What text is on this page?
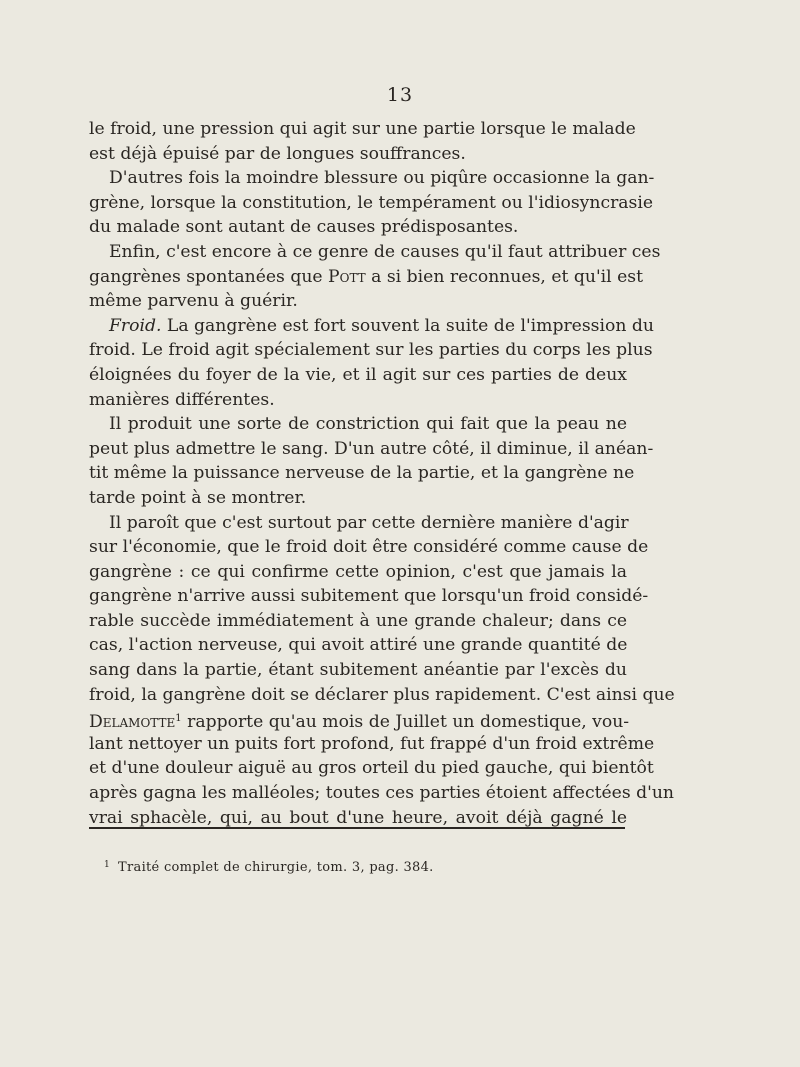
13
le froid, une pression qui agit sur une partie lorsque le malade
est déjà épuisé par de longues souffrances.
D'autres fois la moindre blessure ou piqûre occasionne la gan-
grène, lorsque la constitution, le tempérament ou l'idiosyncrasie
du malade sont autant de causes prédisposantes.
Enfin, c'est encore à ce genre de causes qu'il faut attribuer ces
gangrènes spontanées que Pott a si bien reconnues, et qu'il est
même parvenu à guérir.
Froid. La gangrène est fort souvent la suite de l'impression du
froid. Le froid agit spécialement sur les parties du corps les plus
éloignées du foyer de la vie, et il agit sur ces parties de deux
manières différentes.
Il produit une sorte de constriction qui fait que la peau ne
peut plus admettre le sang. D'un autre côté, il diminue, il anéan-
tit même la puissance nerveuse de la partie, et la gangrène ne
tarde point à se montrer.
Il paroît que c'est surtout par cette dernière manière d'agir
sur l'économie, que le froid doit être considéré comme cause de
gangrène : ce qui confirme cette opinion, c'est que jamais la
gangrène n'arrive aussi subitement que lorsqu'un froid considé-
rable succède immédiatement à une grande chaleur; dans ce
cas, l'action nerveuse, qui avoit attiré une grande quantité de
sang dans la partie, étant subitement anéantie par l'excès du
froid, la gangrène doit se déclarer plus rapidement. C'est ainsi que
Delamotte$^1$ rapporte qu'au mois de Juillet un domestique, vou-
lant nettoyer un puits fort profond, fut frappé d'un froid extrême
et d'une douleur aiguë au gros orteil du pied gauche, qui bientôt
après gagna les malléoles; toutes ces parties étoient affectées d'un
vrai sphacèle, qui, au bout d'une heure, avoit déjà gagné le
$^1$ Traité complet de chirurgie, tom. 3, pag. 384.
